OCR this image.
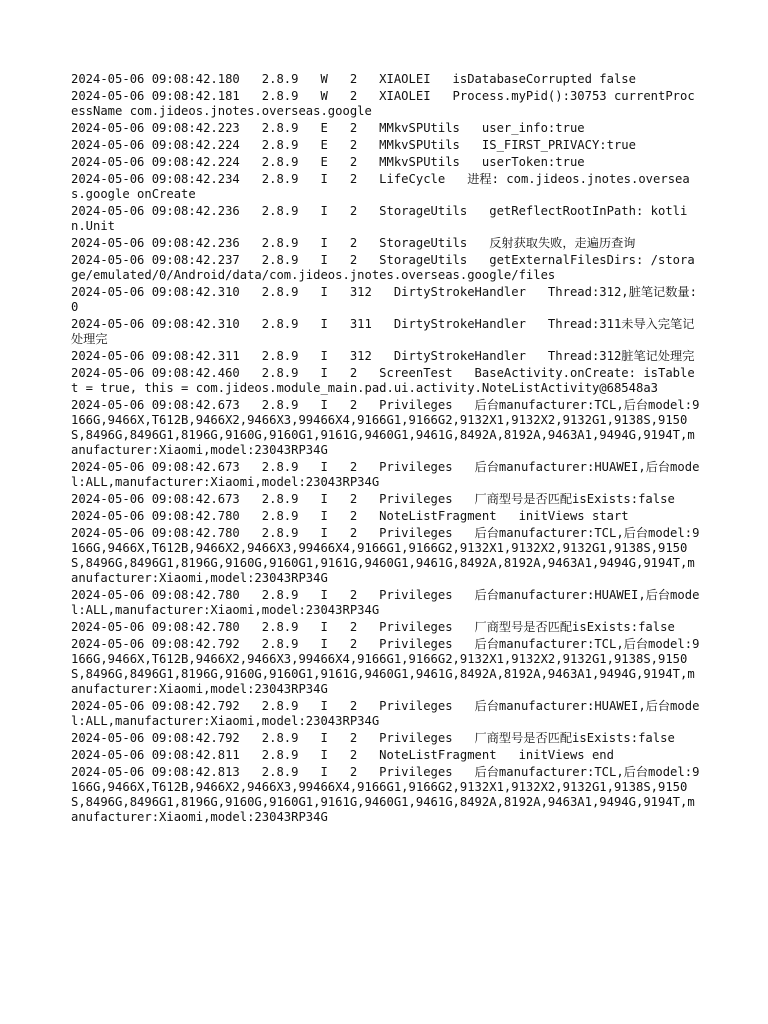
2024-05-06 09:08:42.180   2.8.9   W   2   XIAOLEI   isDatabaseCorrupted false
2024-05-06 09:08:42.181   2.8.9   W   2   XIAOLEI   Process.myPid():30753 currentProcessName com.jideos.jnotes.overseas.google
2024-05-06 09:08:42.223   2.8.9   E   2   MMkvSPUtils   user_info:true
2024-05-06 09:08:42.224   2.8.9   E   2   MMkvSPUtils   IS_FIRST_PRIVACY:true
2024-05-06 09:08:42.224   2.8.9   E   2   MMkvSPUtils   userToken:true
2024-05-06 09:08:42.234   2.8.9   I   2   LifeCycle   进程: com.jideos.jnotes.overseas.google onCreate
2024-05-06 09:08:42.236   2.8.9   I   2   StorageUtils   getReflectRootInPath: kotlin.Unit
2024-05-06 09:08:42.236   2.8.9   I   2   StorageUtils   反射获取失败，走遍历查询
2024-05-06 09:08:42.237   2.8.9   I   2   StorageUtils   getExternalFilesDirs: /storage/emulated/0/Android/data/com.jideos.jnotes.overseas.google/files
2024-05-06 09:08:42.310   2.8.9   I   312   DirtyStrokeHandler   Thread:312,脏笔记数量: 0
2024-05-06 09:08:42.310   2.8.9   I   311   DirtyStrokeHandler   Thread:311未导入完笔记处理完
2024-05-06 09:08:42.311   2.8.9   I   312   DirtyStrokeHandler   Thread:312脏笔记处理完
2024-05-06 09:08:42.460   2.8.9   I   2   ScreenTest   BaseActivity.onCreate: isTablet = true, this = com.jideos.module_main.pad.ui.activity.NoteListActivity@68548a3
2024-05-06 09:08:42.673   2.8.9   I   2   Privileges   后台manufacturer:TCL,后台model:9166G,9466X,T612B,9466X2,9466X3,99466X4,9166G1,9166G2,9132X1,9132X2,9132G1,9138S,9150S,8496G,8496G1,8196G,9160G,9160G1,9161G,9460G1,9461G,8492A,8192A,9463A1,9494G,9194T,manufacturer:Xiaomi,model:23043RP34G
2024-05-06 09:08:42.673   2.8.9   I   2   Privileges   后台manufacturer:HUAWEI,后台model:ALL,manufacturer:Xiaomi,model:23043RP34G
2024-05-06 09:08:42.673   2.8.9   I   2   Privileges   厂商型号是否匹配isExists:false
2024-05-06 09:08:42.780   2.8.9   I   2   NoteListFragment   initViews start
2024-05-06 09:08:42.780   2.8.9   I   2   Privileges   后台manufacturer:TCL,后台model:9166G,9466X,T612B,9466X2,9466X3,99466X4,9166G1,9166G2,9132X1,9132X2,9132G1,9138S,9150S,8496G,8496G1,8196G,9160G,9160G1,9161G,9460G1,9461G,8492A,8192A,9463A1,9494G,9194T,manufacturer:Xiaomi,model:23043RP34G
2024-05-06 09:08:42.780   2.8.9   I   2   Privileges   后台manufacturer:HUAWEI,后台model:ALL,manufacturer:Xiaomi,model:23043RP34G
2024-05-06 09:08:42.780   2.8.9   I   2   Privileges   厂商型号是否匹配isExists:false
2024-05-06 09:08:42.792   2.8.9   I   2   Privileges   后台manufacturer:TCL,后台model:9166G,9466X,T612B,9466X2,9466X3,99466X4,9166G1,9166G2,9132X1,9132X2,9132G1,9138S,9150S,8496G,8496G1,8196G,9160G,9160G1,9161G,9460G1,9461G,8492A,8192A,9463A1,9494G,9194T,manufacturer:Xiaomi,model:23043RP34G
2024-05-06 09:08:42.792   2.8.9   I   2   Privileges   后台manufacturer:HUAWEI,后台model:ALL,manufacturer:Xiaomi,model:23043RP34G
2024-05-06 09:08:42.792   2.8.9   I   2   Privileges   厂商型号是否匹配isExists:false
2024-05-06 09:08:42.811   2.8.9   I   2   NoteListFragment   initViews end
2024-05-06 09:08:42.813   2.8.9   I   2   Privileges   后台manufacturer:TCL,后台model:9166G,9466X,T612B,9466X2,9466X3,99466X4,9166G1,9166G2,9132X1,9132X2,9132G1,9138S,9150S,8496G,8496G1,8196G,9160G,9160G1,9161G,9460G1,9461G,8492A,8192A,9463A1,9494G,9194T,manufacturer:Xiaomi,model:23043RP34G
